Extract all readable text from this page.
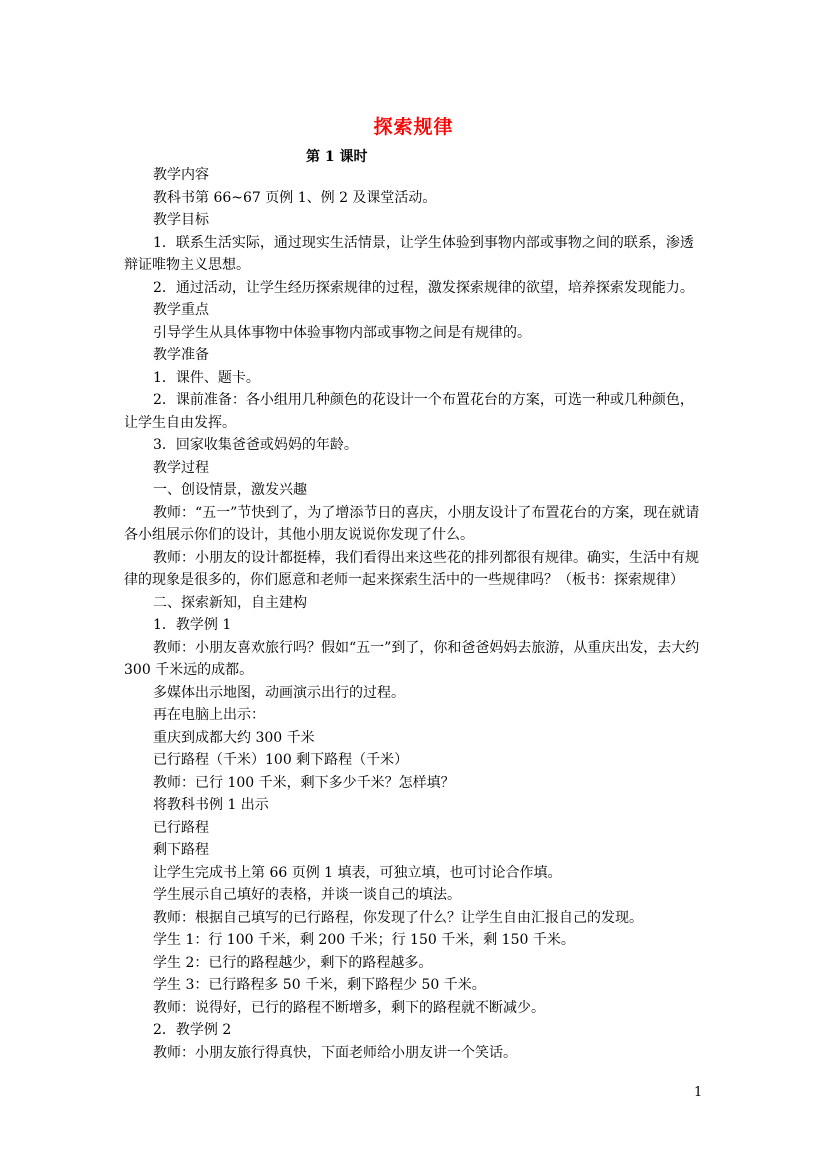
探索规律
第 1 课时

教学内容

教科书第 66~67 页例 1、例 2 及课堂活动。

教学目标

1．联系生活实际，通过现实生活情景，让学生体验到事物内部或事物之间的联系，渗透辩证唯物主义思想。

2．通过活动，让学生经历探索规律的过程，激发探索规律的欲望，培养探索发现能力。

教学重点

引导学生从具体事物中体验事物内部或事物之间是有规律的。

教学准备

1．课件、题卡。

2．课前准备：各小组用几种颜色的花设计一个布置花台的方案，可选一种或几种颜色，让学生自由发挥。

3．回家收集爸爸或妈妈的年龄。

教学过程

一、创设情景，激发兴趣

教师：“五一”节快到了，为了增添节日的喜庆，小朋友设计了布置花台的方案，现在就请各小组展示你们的设计，其他小朋友说说你发现了什么。

教师：小朋友的设计都挺棒，我们看得出来这些花的排列都很有规律。确实，生活中有规律的现象是很多的，你们愿意和老师一起来探索生活中的一些规律吗？（板书：探索规律）

二、探索新知，自主建构

1．教学例 1

教师：小朋友喜欢旅行吗？假如“五一”到了，你和爸爸妈妈去旅游，从重庆出发，去大约 300 千米远的成都。

多媒体出示地图，动画演示出行的过程。

再在电脑上出示：

重庆到成都大约 300 千米

已行路程（千米）100 剩下路程（千米）

教师：已行 100 千米，剩下多少千米？怎样填？

将教科书例 1 出示

已行路程

剩下路程

让学生完成书上第 66 页例 1 填表，可独立填，也可讨论合作填。

学生展示自己填好的表格，并谈一谈自己的填法。

教师：根据自己填写的已行路程，你发现了什么？让学生自由汇报自己的发现。

学生 1：行 100 千米，剩 200 千米；行 150 千米，剩 150 千米。

学生 2：已行的路程越少，剩下的路程越多。

学生 3：已行路程多 50 千米，剩下路程少 50 千米。

教师：说得好，已行的路程不断增多，剩下的路程就不断减少。

2．教学例 2

教师：小朋友旅行得真快，下面老师给小朋友讲一个笑话。

1
